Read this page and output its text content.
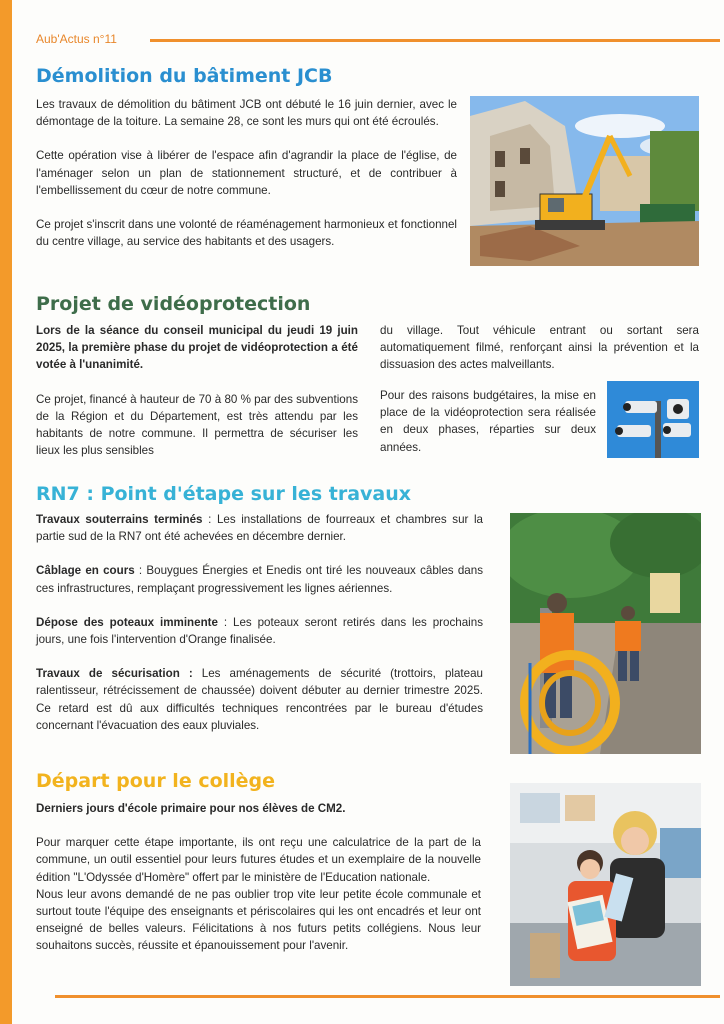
Aub'Actus n°11
Démolition du bâtiment JCB

Les travaux de démolition du bâtiment JCB ont débuté le 16 juin dernier, avec le démontage de la toiture. La semaine 28, ce sont les murs qui ont été écroulés.

Cette opération vise à libérer de l'espace afin d'agrandir la place de l'église, de l'aménager selon un plan de stationnement structuré, et de contribuer à l'embellissement du cœur de notre commune.

Ce projet s'inscrit dans une volonté de réaménagement harmonieux et fonctionnel du centre village, au service des habitants et des usagers.

Projet de vidéoprotection

Lors de la séance du conseil municipal du jeudi 19 juin 2025, la première phase du projet de vidéoprotection a été votée à l'unanimité.

Ce projet, financé à hauteur de 70 à 80 % par des subventions de la Région et du Département, est très attendu par les habitants de notre commune. Il permettra de sécuriser les lieux les plus sensibles

du village. Tout véhicule entrant ou sortant sera automatiquement filmé, renforçant ainsi la prévention et la dissuasion des actes malveillants.

Pour des raisons budgétaires, la mise en place de la vidéoprotection sera réalisée en deux phases, réparties sur deux années.

RN7 : Point d'étape sur les travaux

Travaux souterrains terminés : Les installations de fourreaux et chambres sur la partie sud de la RN7 ont été achevées en décembre dernier.

Câblage en cours : Bouygues Énergies et Enedis ont tiré les nouveaux câbles dans ces infrastructures, remplaçant progressivement les lignes aériennes.

Dépose des poteaux imminente : Les poteaux seront retirés dans les prochains jours, une fois l'intervention d'Orange finalisée.

Travaux de sécurisation : Les aménagements de sécurité (trottoirs, plateau ralentisseur, rétrécissement de chaussée) doivent débuter au dernier trimestre 2025. Ce retard est dû aux difficultés techniques rencontrées par le bureau d'études concernant l'évacuation des eaux pluviales.

Départ pour le collège

Derniers jours d'école primaire pour nos élèves de CM2.

Pour marquer cette étape importante, ils ont reçu une calculatrice de la part de la commune, un outil essentiel pour leurs futures études et un exemplaire de la nouvelle édition "L'Odyssée d'Homère" offert par le ministère de l'Education nationale.

Nous leur avons demandé de ne pas oublier trop vite leur petite école communale et surtout toute l'équipe des enseignants et périscolaires qui les ont encadrés et leur ont enseigné de belles valeurs. Félicitations à nos futurs petits collégiens. Nous leur souhaitons succès, réussite et épanouissement pour l'avenir.
